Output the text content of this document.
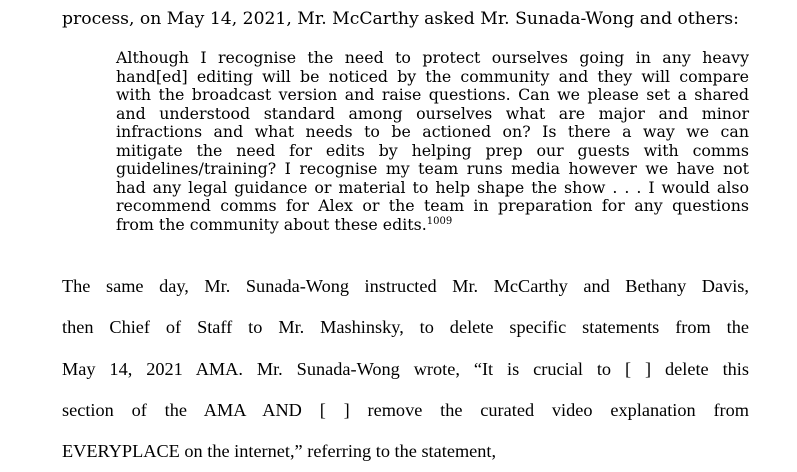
process, on May 14, 2021, Mr. McCarthy asked Mr. Sunada-Wong and others:
Although I recognise the need to protect ourselves going in any heavy
hand[ed] editing will be noticed by the community and they will compare
with the broadcast version and raise questions. Can we please set a shared
and understood standard among ourselves what are major and minor
infractions and what needs to be actioned on? Is there a way we can
mitigate the need for edits by helping prep our guests with comms
guidelines/training? I recognise my team runs media however we have not
had any legal guidance or material to help shape the show . . . I would also
recommend comms for Alex or the team in preparation for any questions
from the community about these edits.$^{1009}$
The same day, Mr. Sunada-Wong instructed Mr. McCarthy and Bethany Davis,
then Chief of Staff to Mr. Mashinsky, to delete specific statements from the
May 14, 2021 AMA. Mr. Sunada-Wong wrote, “It is crucial to [ ] delete this
section of the AMA AND [ ] remove the curated video explanation from
EVERYPLACE on the internet,” referring to the statement,
